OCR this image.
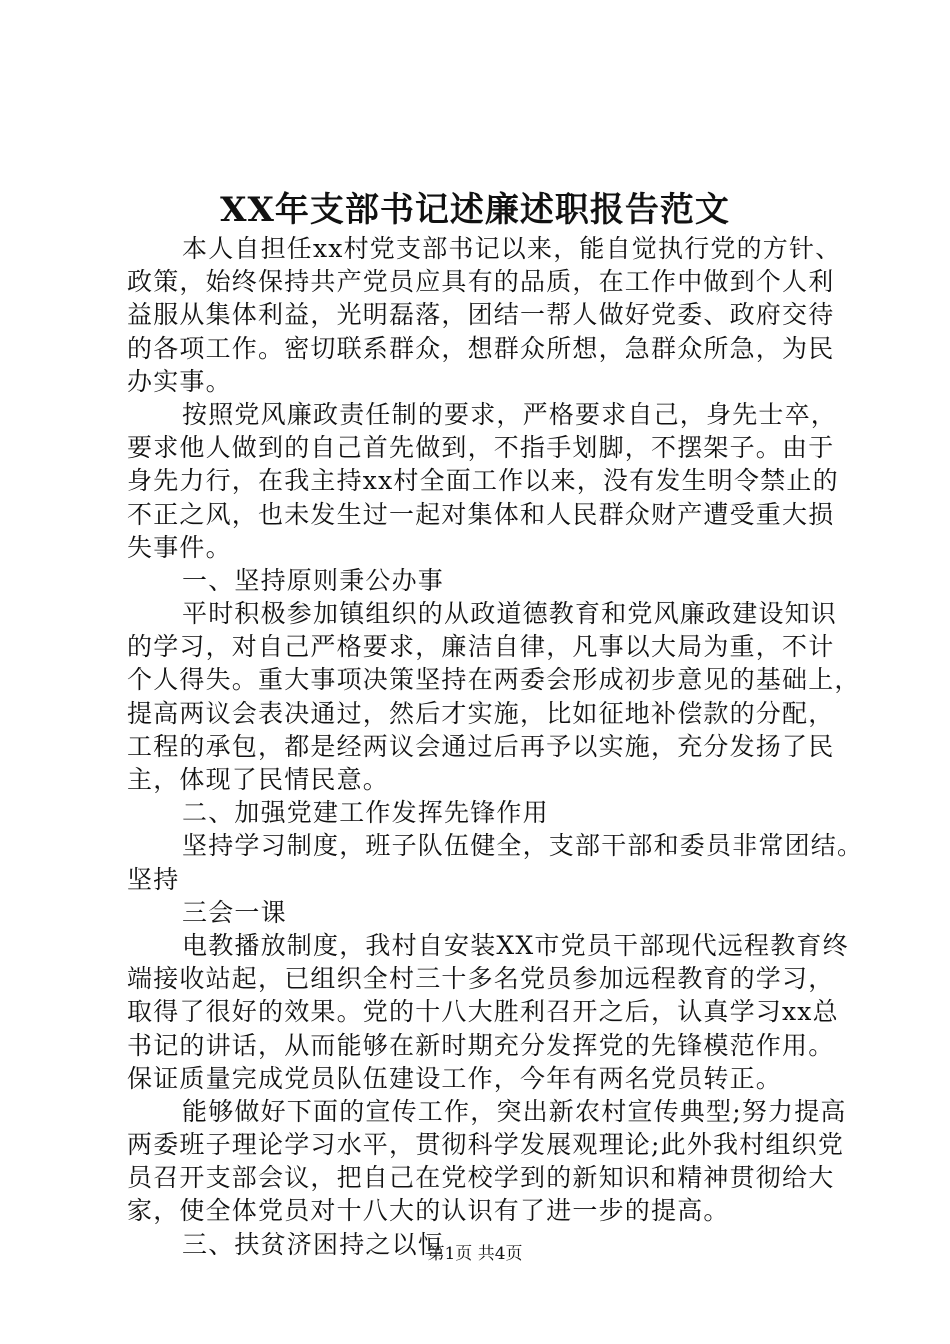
XX年支部书记述廉述职报告范文
本人自担任xx村党支部书记以来，能自觉执行党的方针、
政策，始终保持共产党员应具有的品质，在工作中做到个人利
益服从集体利益，光明磊落，团结一帮人做好党委、政府交待
的各项工作。密切联系群众，想群众所想，急群众所急，为民
办实事。
按照党风廉政责任制的要求，严格要求自己，身先士卒，
要求他人做到的自己首先做到，不指手划脚，不摆架子。由于
身先力行，在我主持xx村全面工作以来，没有发生明令禁止的
不正之风，也未发生过一起对集体和人民群众财产遭受重大损
失事件。
一、坚持原则秉公办事
平时积极参加镇组织的从政道德教育和党风廉政建设知识
的学习，对自己严格要求，廉洁自律，凡事以大局为重，不计
个人得失。重大事项决策坚持在两委会形成初步意见的基础上，
提高两议会表决通过，然后才实施，比如征地补偿款的分配，
工程的承包，都是经两议会通过后再予以实施，充分发扬了民
主，体现了民情民意。
二、加强党建工作发挥先锋作用
坚持学习制度，班子队伍健全，支部干部和委员非常团结。
坚持
三会一课
电教播放制度，我村自安装XX市党员干部现代远程教育终
端接收站起，已组织全村三十多名党员参加远程教育的学习，
取得了很好的效果。党的十八大胜利召开之后，认真学习xx总
书记的讲话，从而能够在新时期充分发挥党的先锋模范作用。
保证质量完成党员队伍建设工作，今年有两名党员转正。
能够做好下面的宣传工作，突出新农村宣传典型;努力提高
两委班子理论学习水平，贯彻科学发展观理论;此外我村组织党
员召开支部会议，把自己在党校学到的新知识和精神贯彻给大
家，使全体党员对十八大的认识有了进一步的提高。
三、扶贫济困持之以恒
第1页 共4页
